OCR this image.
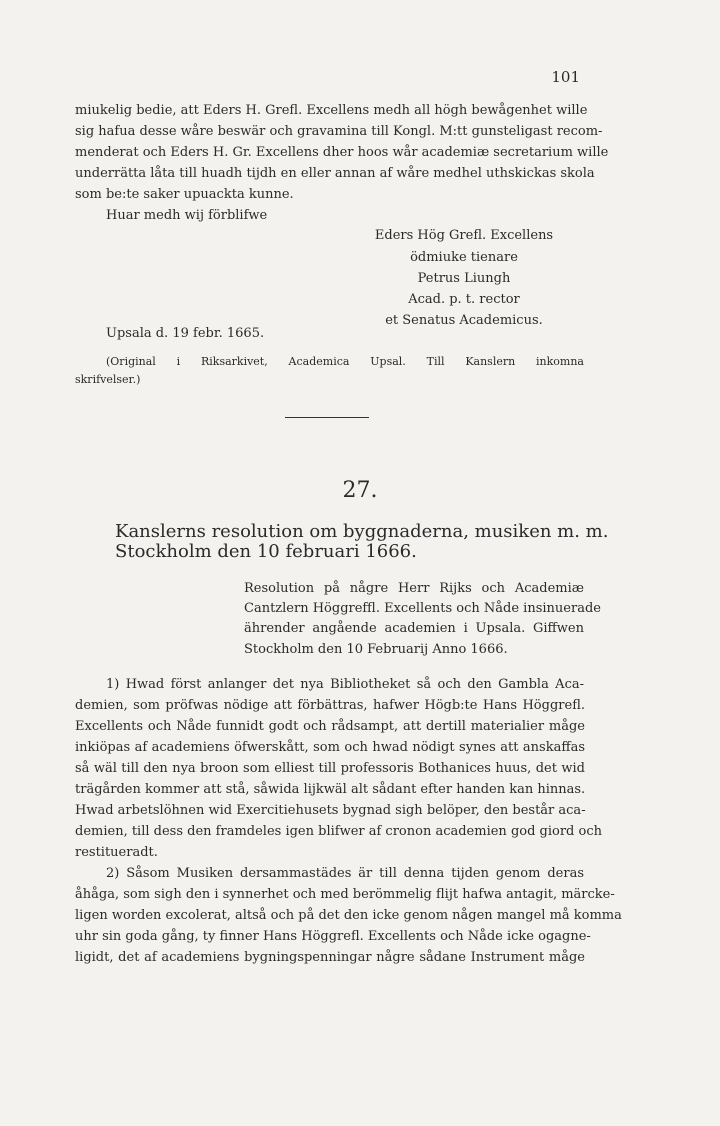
101
miukelig bedie, att Eders H. Grefl. Excellens medh all högh bewågenhet wille
sig hafua desse wåre beswär och gravamina till Kongl. M:tt gunsteligast recom-
menderat och Eders H. Gr. Excellens dher hoos wår academiæ secretarium wille
underrätta låta till huadh tijdh en eller annan af wåre medhel uthskickas skola
som be:te saker upuackta kunne.
Huar medh wij förblifwe
Eders Hög Grefl. Excellens
ödmiuke tienare
Petrus Liungh
Acad. p. t. rector
et Senatus Academicus.
Upsala d. 19 febr. 1665.
(Original i Riksarkivet, Academica Upsal. Till Kanslern inkomna
skrifvelser.)
27.
Kanslerns resolution om byggnaderna, musiken m. m.
Stockholm den 10 februari 1666.
Resolution på någre Herr Rijks och Academiæ
Cantzlern Höggreffl. Excellents och Nåde insinuerade
ährender angående academien i Upsala. Giffwen
Stockholm den 10 Februarij Anno 1666.
1) Hwad först anlanger det nya Bibliotheket så och den Gambla Aca-
demien, som pröfwas nödige att förbättras, hafwer Högb:te Hans Höggrefl.
Excellents och Nåde funnidt godt och rådsampt, att dertill materialier måge
inkiöpas af academiens öfwerskått, som och hwad nödigt synes att anskaffas
så wäl till den nya broon som elliest till professoris Bothanices huus, det wid
trägården kommer att stå, såwida lijkwäl alt sådant efter handen kan hinnas.
Hwad arbetslöhnen wid Exercitiehusets bygnad sigh belöper, den består aca-
demien, till dess den framdeles igen blifwer af cronon academien god giord och
restitueradt.
2) Såsom Musiken dersammastädes är till denna tijden genom deras
åhåga, som sigh den i synnerhet och med berömmelig flijt hafwa antagit, märcke-
ligen worden excolerat, altså och på det den icke genom någen mangel må komma
uhr sin goda gång, ty finner Hans Höggrefl. Excellents och Nåde icke ogagne-
ligidt, det af academiens bygningspenningar någre sådane Instrument måge
